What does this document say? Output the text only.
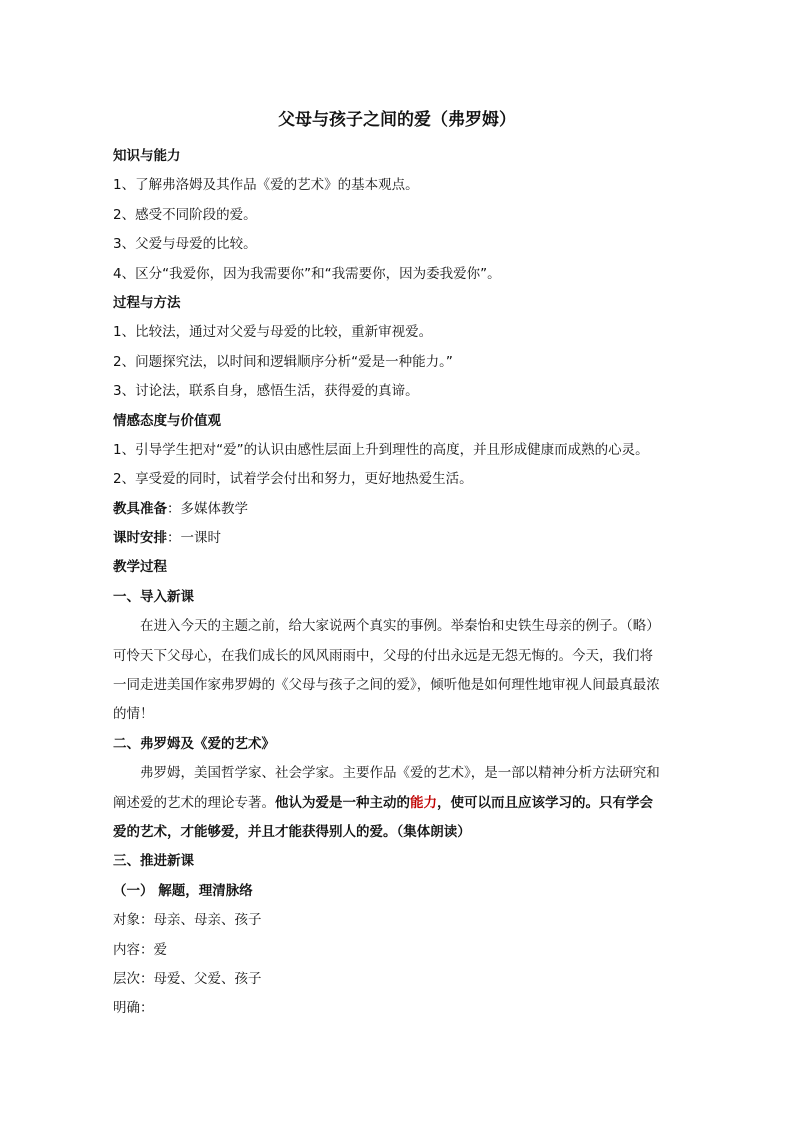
父母与孩子之间的爱（弗罗姆）
知识与能力
1、了解弗洛姆及其作品《爱的艺术》的基本观点。
2、感受不同阶段的爱。
3、父爱与母爱的比较。
4、区分“我爱你，因为我需要你”和“我需要你，因为委我爱你”。
过程与方法
1、比较法，通过对父爱与母爱的比较，重新审视爱。
2、问题探究法，以时间和逻辑顺序分析“爱是一种能力。”
3、讨论法，联系自身，感悟生活，获得爱的真谛。
情感态度与价值观
1、引导学生把对“爱”的认识由感性层面上升到理性的高度，并且形成健康而成熟的心灵。
2、享受爱的同时，试着学会付出和努力，更好地热爱生活。
教具准备：多媒体教学
课时安排：一课时
教学过程
一、导入新课
在进入今天的主题之前，给大家说两个真实的事例。举秦怡和史铁生母亲的例子。（略）
可怜天下父母心，在我们成长的风风雨雨中，父母的付出永远是无怨无悔的。今天，我们将
一同走进美国作家弗罗姆的《父母与孩子之间的爱》，倾听他是如何理性地审视人间最真最浓
的情！
二、弗罗姆及《爱的艺术》
弗罗姆，美国哲学家、社会学家。主要作品《爱的艺术》，是一部以精神分析方法研究和
阐述爱的艺术的理论专著。他认为爱是一种主动的能力，使可以而且应该学习的。只有学会
爱的艺术，才能够爱，并且才能获得别人的爱。（集体朗读）
三、推进新课
（一） 解题，理清脉络
对象：母亲、母亲、孩子
内容：爱
层次：母爱、父爱、孩子
明确：
